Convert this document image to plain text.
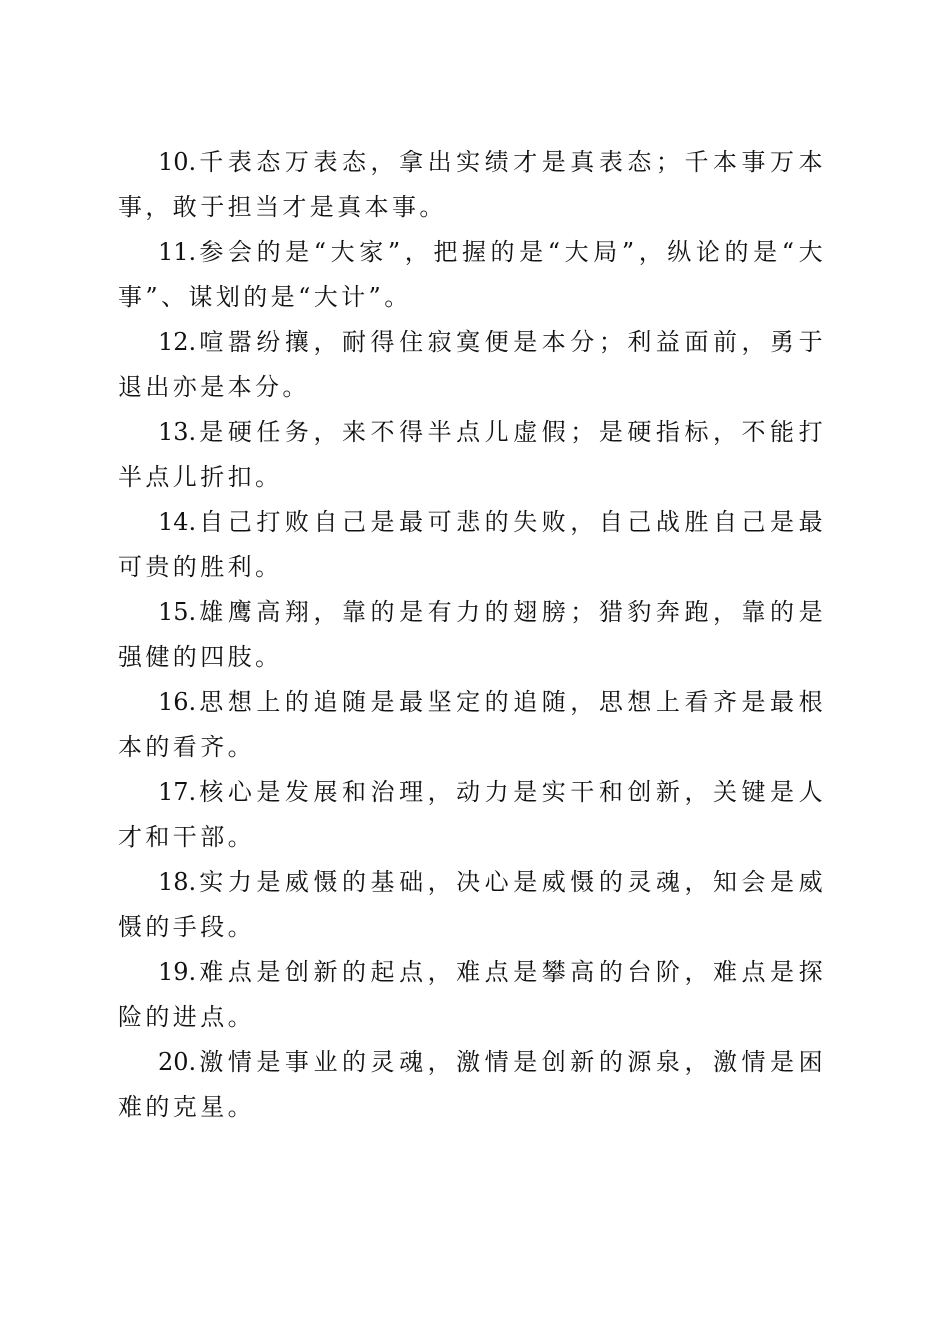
10.千表态万表态，拿出实绩才是真表态；千本事万本事，敢于担当才是真本事。

11.参会的是“大家”，把握的是“大局”，纵论的是“大事”、谋划的是“大计”。

12.喧嚣纷攘，耐得住寂寞便是本分；利益面前，勇于退出亦是本分。

13.是硬任务，来不得半点儿虚假；是硬指标，不能打半点儿折扣。

14.自己打败自己是最可悲的失败，自己战胜自己是最可贵的胜利。

15.雄鹰高翔，靠的是有力的翅膀；猎豹奔跑，靠的是强健的四肢。

16.思想上的追随是最坚定的追随，思想上看齐是最根本的看齐。

17.核心是发展和治理，动力是实干和创新，关键是人才和干部。

18.实力是威慑的基础，决心是威慑的灵魂，知会是威慑的手段。

19.难点是创新的起点，难点是攀高的台阶，难点是探险的进点。

20.激情是事业的灵魂，激情是创新的源泉，激情是困难的克星。
